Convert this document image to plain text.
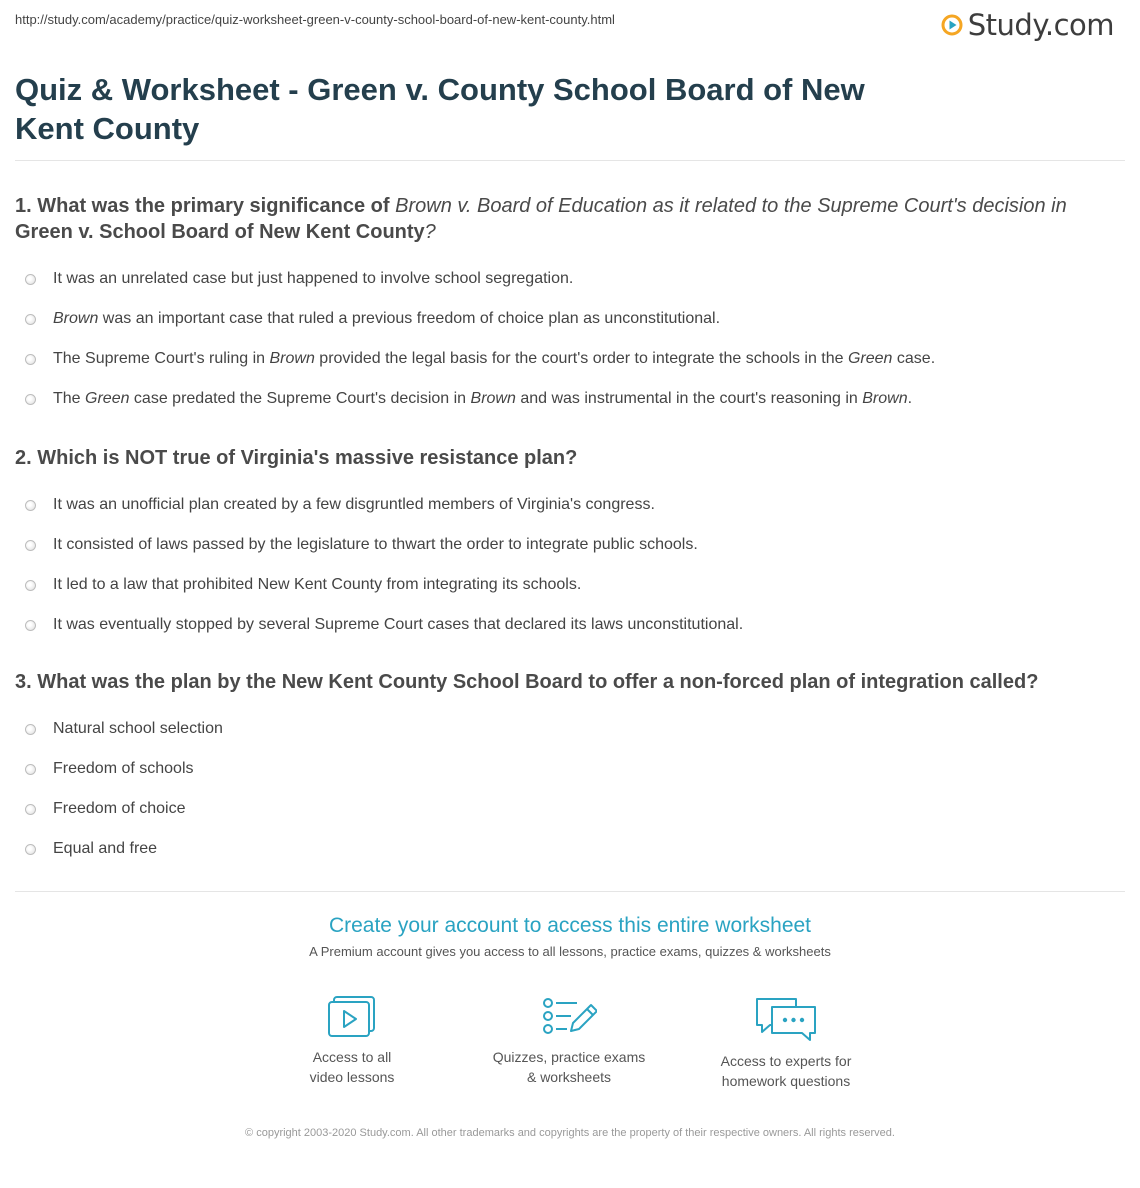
http://study.com/academy/practice/quiz-worksheet-green-v-county-school-board-of-new-kent-county.html	Study.com
Quiz & Worksheet - Green v. County School Board of New Kent County

1. What was the primary significance of Brown v. Board of Education as it related to the Supreme Court's decision in
Green v. School Board of New Kent County?

It was an unrelated case but just happened to involve school segregation.
Brown was an important case that ruled a previous freedom of choice plan as unconstitutional.
The Supreme Court's ruling in Brown provided the legal basis for the court's order to integrate the schools in the Green case.
The Green case predated the Supreme Court's decision in Brown and was instrumental in the court's reasoning in Brown.

2. Which is NOT true of Virginia's massive resistance plan?

It was an unofficial plan created by a few disgruntled members of Virginia's congress.
It consisted of laws passed by the legislature to thwart the order to integrate public schools.
It led to a law that prohibited New Kent County from integrating its schools.
It was eventually stopped by several Supreme Court cases that declared its laws unconstitutional.

3. What was the plan by the New Kent County School Board to offer a non-forced plan of integration called?

Natural school selection
Freedom of schools
Freedom of choice
Equal and free
Create your account to access this entire worksheet
A Premium account gives you access to all lessons, practice exams, quizzes & worksheets
Access to all
video lessons
Quizzes, practice exams
& worksheets
Access to experts for
homework questions
© copyright 2003-2020 Study.com. All other trademarks and copyrights are the property of their respective owners. All rights reserved.
